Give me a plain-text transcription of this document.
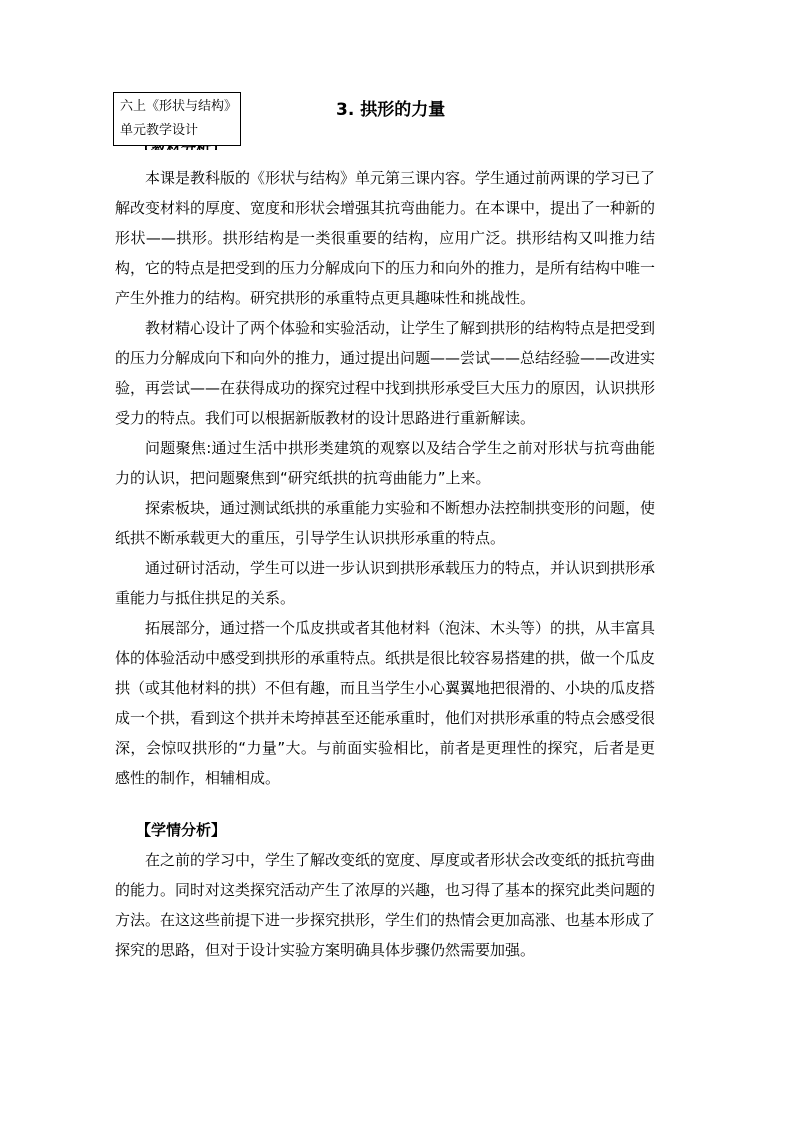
六上《形状与结构》
单元教学设计
3. 拱形的力量

本课是教科版的《形状与结构》单元第三课内容。学生通过前两课的学习已了解改变材料的厚度、宽度和形状会增强其抗弯曲能力。在本课中，提出了一种新的形状——拱形。拱形结构是一类很重要的结构，应用广泛。拱形结构又叫推力结构，它的特点是把受到的压力分解成向下的压力和向外的推力，是所有结构中唯一产生外推力的结构。研究拱形的承重特点更具趣味性和挑战性。

教材精心设计了两个体验和实验活动，让学生了解到拱形的结构特点是把受到的压力分解成向下和向外的推力，通过提出问题——尝试——总结经验——改进实验，再尝试——在获得成功的探究过程中找到拱形承受巨大压力的原因，认识拱形受力的特点。我们可以根据新版教材的设计思路进行重新解读。

问题聚焦:通过生活中拱形类建筑的观察以及结合学生之前对形状与抗弯曲能力的认识，把问题聚焦到“研究纸拱的抗弯曲能力”上来。

探索板块，通过测试纸拱的承重能力实验和不断想办法控制拱变形的问题，使纸拱不断承载更大的重压，引导学生认识拱形承重的特点。

通过研讨活动，学生可以进一步认识到拱形承载压力的特点，并认识到拱形承重能力与抵住拱足的关系。

拓展部分，通过搭一个瓜皮拱或者其他材料（泡沫、木头等）的拱，从丰富具体的体验活动中感受到拱形的承重特点。纸拱是很比较容易搭建的拱，做一个瓜皮拱（或其他材料的拱）不但有趣，而且当学生小心翼翼地把很滑的、小块的瓜皮搭成一个拱，看到这个拱并未垮掉甚至还能承重时，他们对拱形承重的特点会感受很深，会惊叹拱形的“力量”大。与前面实验相比，前者是更理性的探究，后者是更感性的制作，相辅相成。

【学情分析】

在之前的学习中，学生了解改变纸的宽度、厚度或者形状会改变纸的抵抗弯曲的能力。同时对这类探究活动产生了浓厚的兴趣，也习得了基本的探究此类问题的方法。在这这些前提下进一步探究拱形，学生们的热情会更加高涨、也基本形成了探究的思路，但对于设计实验方案明确具体步骤仍然需要加强。
